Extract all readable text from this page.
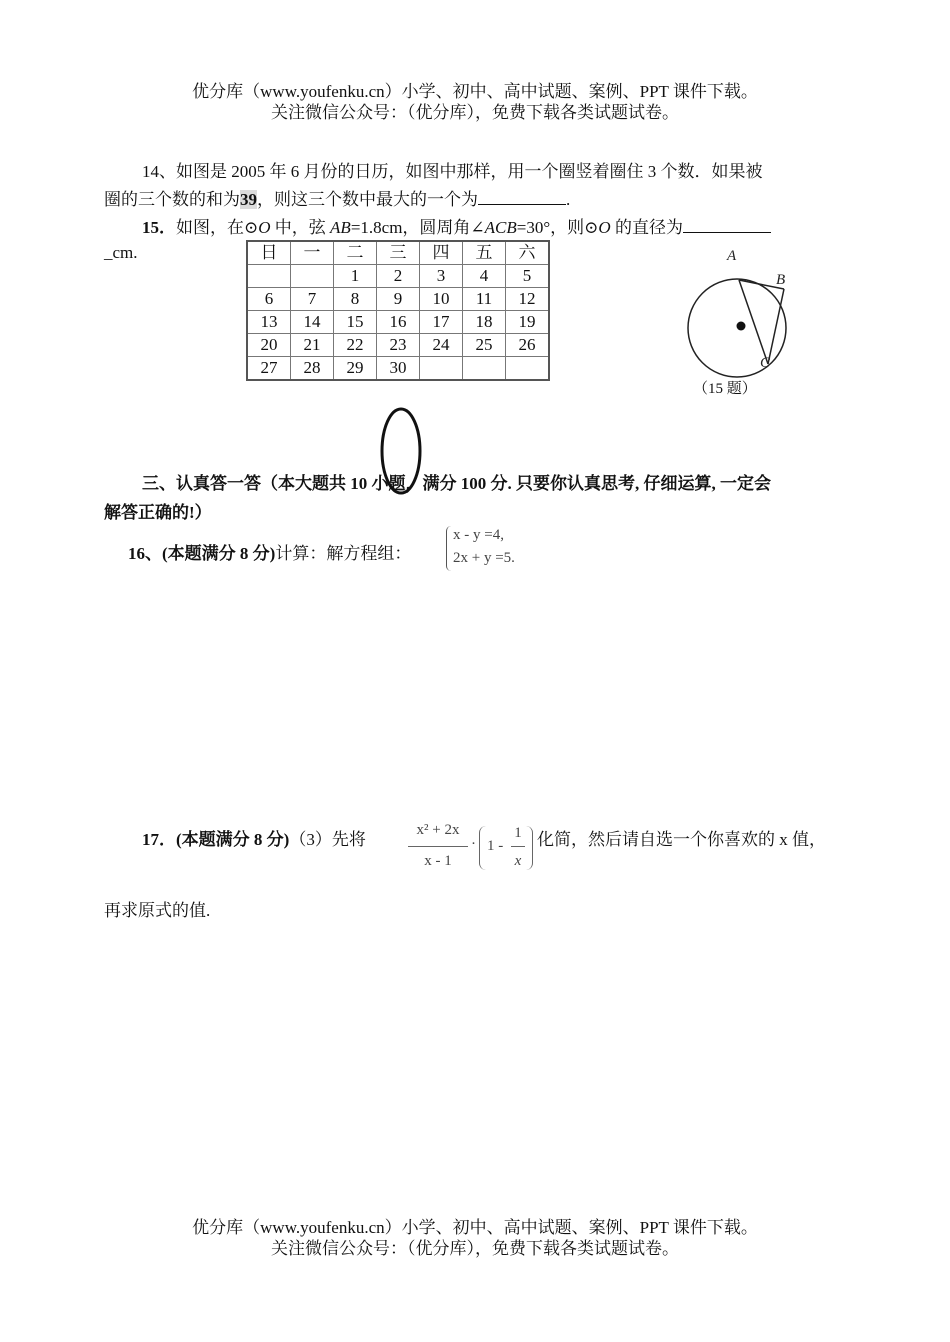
优分库（www.youfenku.cn）小学、初中、高中试题、案例、PPT 课件下载。
关注微信公众号：（优分库），免费下载各类试题试卷。
14、如图是 2005 年 6 月份的日历，如图中那样，用一个圈竖着圈住 3 个数．如果被
圈的三个数的和为39，则这三个数中最大的一个为	.
15．如图，在⊙O 中，弦 AB=1.8cm，圆周角∠ACB=30°，则⊙O 的直径为
_cm.	日	一	二	三	四	五	六
		1	2	3	4	5
6	7	8	9	10	11	12
13	14	15	16	17	18	19
20	21	22	23	24	25	26
27	28	29	30			
A
B
C
（15 题）
三、认真答一答（本大题共 10 小题，满分 100 分. 只要你认真思考, 仔细运算, 一定会
解答正确的!）
16、(本题满分 8 分)计算：解方程组：
x - y =4,
2x + y =5.
17．(本题满分 8 分)（3）先将	x² + 2x
x - 1
· 1 -
1
x
化简，然后请自选一个你喜欢的 x 值，
再求原式的值.
优分库（www.youfenku.cn）小学、初中、高中试题、案例、PPT 课件下载。
关注微信公众号：（优分库），免费下载各类试题试卷。
